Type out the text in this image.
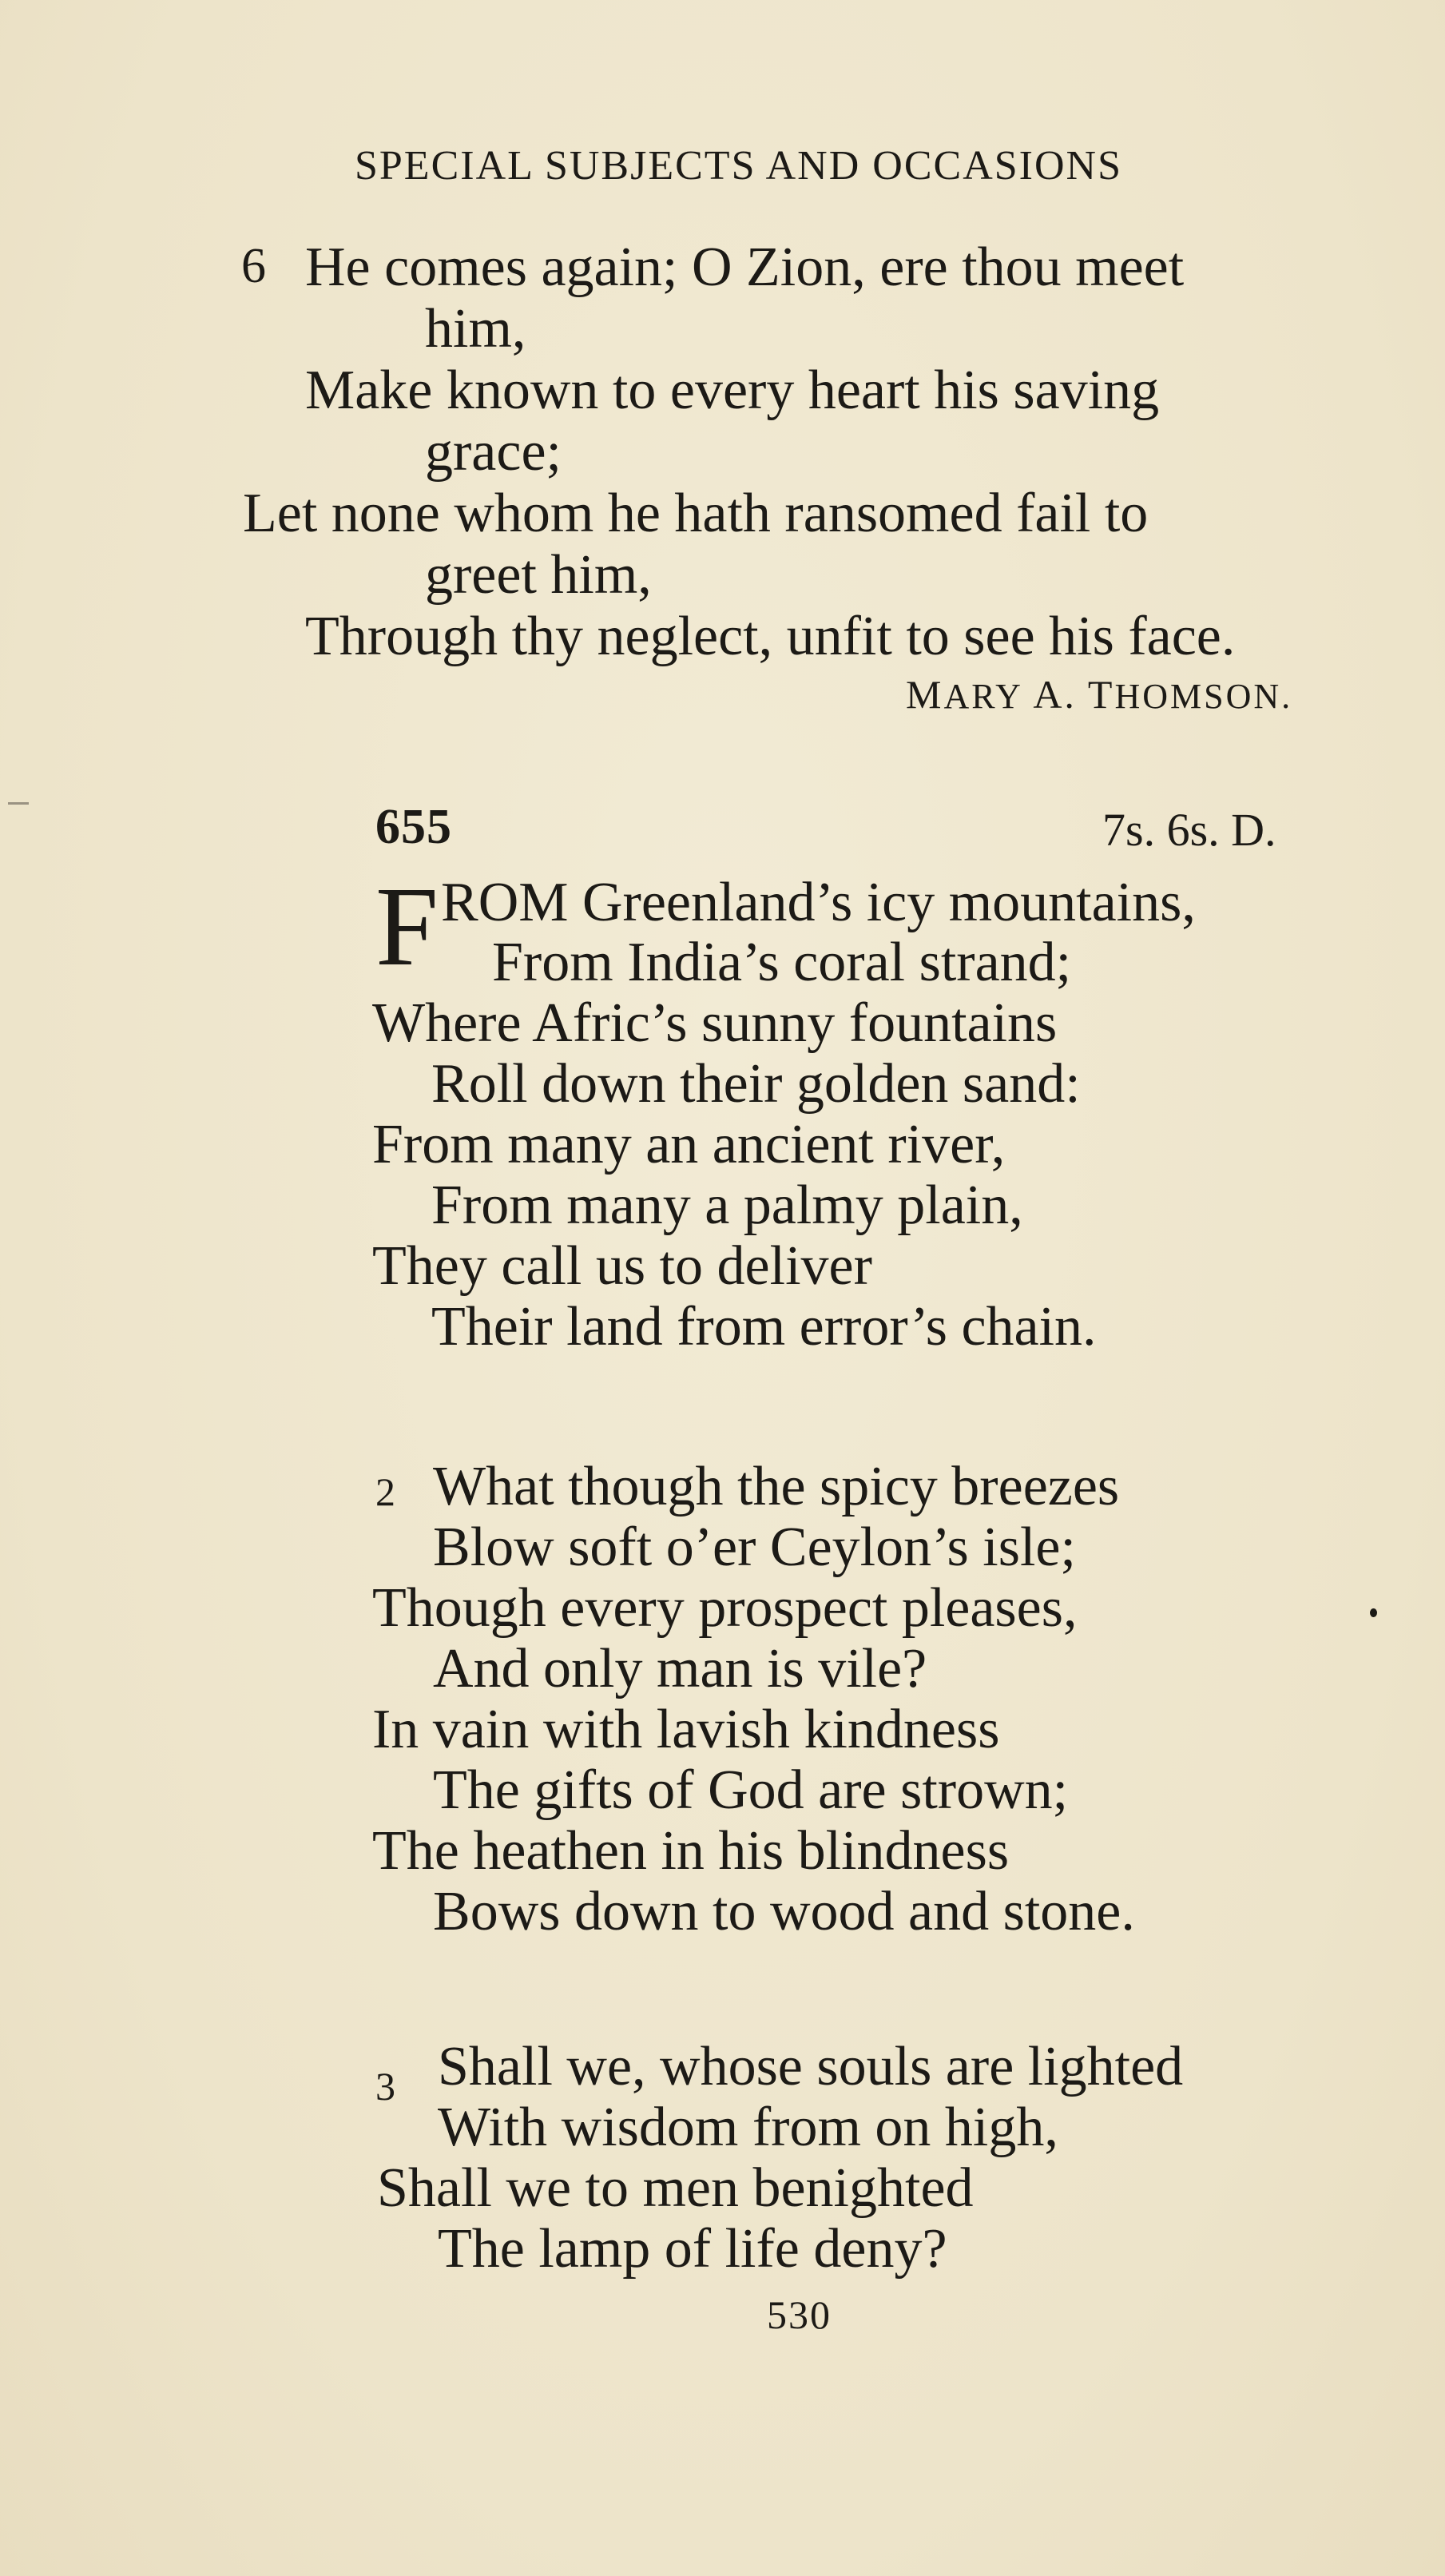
SPECIAL SUBJECTS AND OCCASIONS
6 He comes again; O Zion, ere thou meet
him,
Make known to every heart his saving
grace;
Let none whom he hath ransomed fail to
greet him,
Through thy neglect, unfit to see his face.
MARY A. THOMSON.
655	7s. 6s. D.
F ROM Greenland’s icy mountains,
From India’s coral strand;
Where Afric’s sunny fountains
Roll down their golden sand:
From many an ancient river,
From many a palmy plain,
They call us to deliver
Their land from error’s chain.
2 What though the spicy breezes
Blow soft o’er Ceylon’s isle;
Though every prospect pleases,
And only man is vile?
In vain with lavish kindness
The gifts of God are strown;
The heathen in his blindness
Bows down to wood and stone.
3 Shall we, whose souls are lighted
With wisdom from on high,
Shall we to men benighted
The lamp of life deny?
530
